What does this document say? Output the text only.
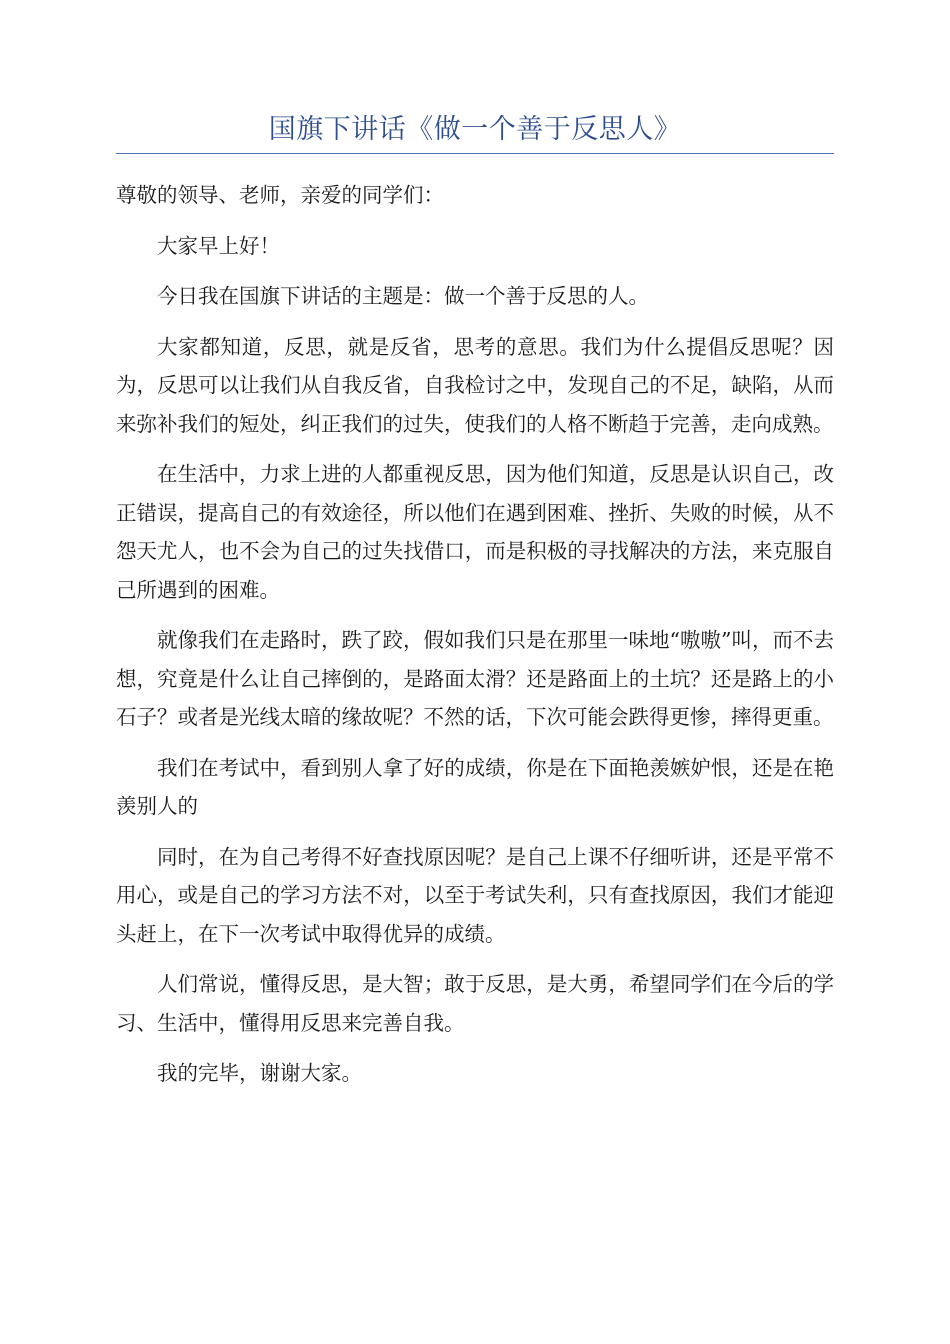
国旗下讲话《做一个善于反思人》

尊敬的领导、老师，亲爱的同学们：

大家早上好！

今日我在国旗下讲话的主题是：做一个善于反思的人。

大家都知道，反思，就是反省，思考的意思。我们为什么提倡反思呢？因为，反思可以让我们从自我反省，自我检讨之中，发现自己的不足，缺陷，从而来弥补我们的短处，纠正我们的过失，使我们的人格不断趋于完善，走向成熟。

在生活中，力求上进的人都重视反思，因为他们知道，反思是认识自己，改正错误，提高自己的有效途径，所以他们在遇到困难、挫折、失败的时候，从不怨天尤人，也不会为自己的过失找借口，而是积极的寻找解决的方法，来克服自己所遇到的困难。

就像我们在走路时，跌了跤，假如我们只是在那里一味地“嗷嗷”叫，而不去想，究竟是什么让自己摔倒的，是路面太滑？还是路面上的土坑？还是路上的小石子？或者是光线太暗的缘故呢？不然的话，下次可能会跌得更惨，摔得更重。

我们在考试中，看到别人拿了好的成绩，你是在下面艳羡嫉妒恨，还是在艳羡别人的

同时，在为自己考得不好查找原因呢？是自己上课不仔细听讲，还是平常不用心，或是自己的学习方法不对，以至于考试失利，只有查找原因，我们才能迎头赶上，在下一次考试中取得优异的成绩。

人们常说，懂得反思，是大智；敢于反思，是大勇，希望同学们在今后的学习、生活中，懂得用反思来完善自我。

我的完毕，谢谢大家。
